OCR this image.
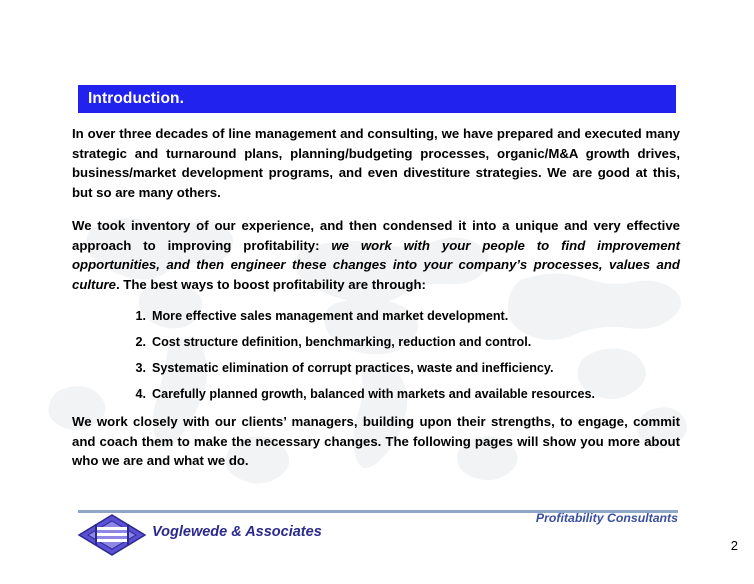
Introduction.

In over three decades of line management and consulting, we have prepared and executed many strategic and turnaround plans, planning/budgeting processes, organic/M&A growth drives, business/market development programs, and even divestiture strategies. We are good at this, but so are many others.

We took inventory of our experience, and then condensed it into a unique and very effective approach to improving profitability: we work with your people to find improvement opportunities, and then engineer these changes into your company’s processes, values and culture. The best ways to boost profitability are through:

More effective sales management and market development.
Cost structure definition, benchmarking, reduction and control.
Systematic elimination of corrupt practices, waste and inefficiency.
Carefully planned growth, balanced with markets and available resources.

We work closely with our clients’ managers, building upon their strengths, to engage, commit and coach them to make the necessary changes. The following pages will show you more about who we are and what we do.

Voglewede & Associates
Profitability Consultants
2
